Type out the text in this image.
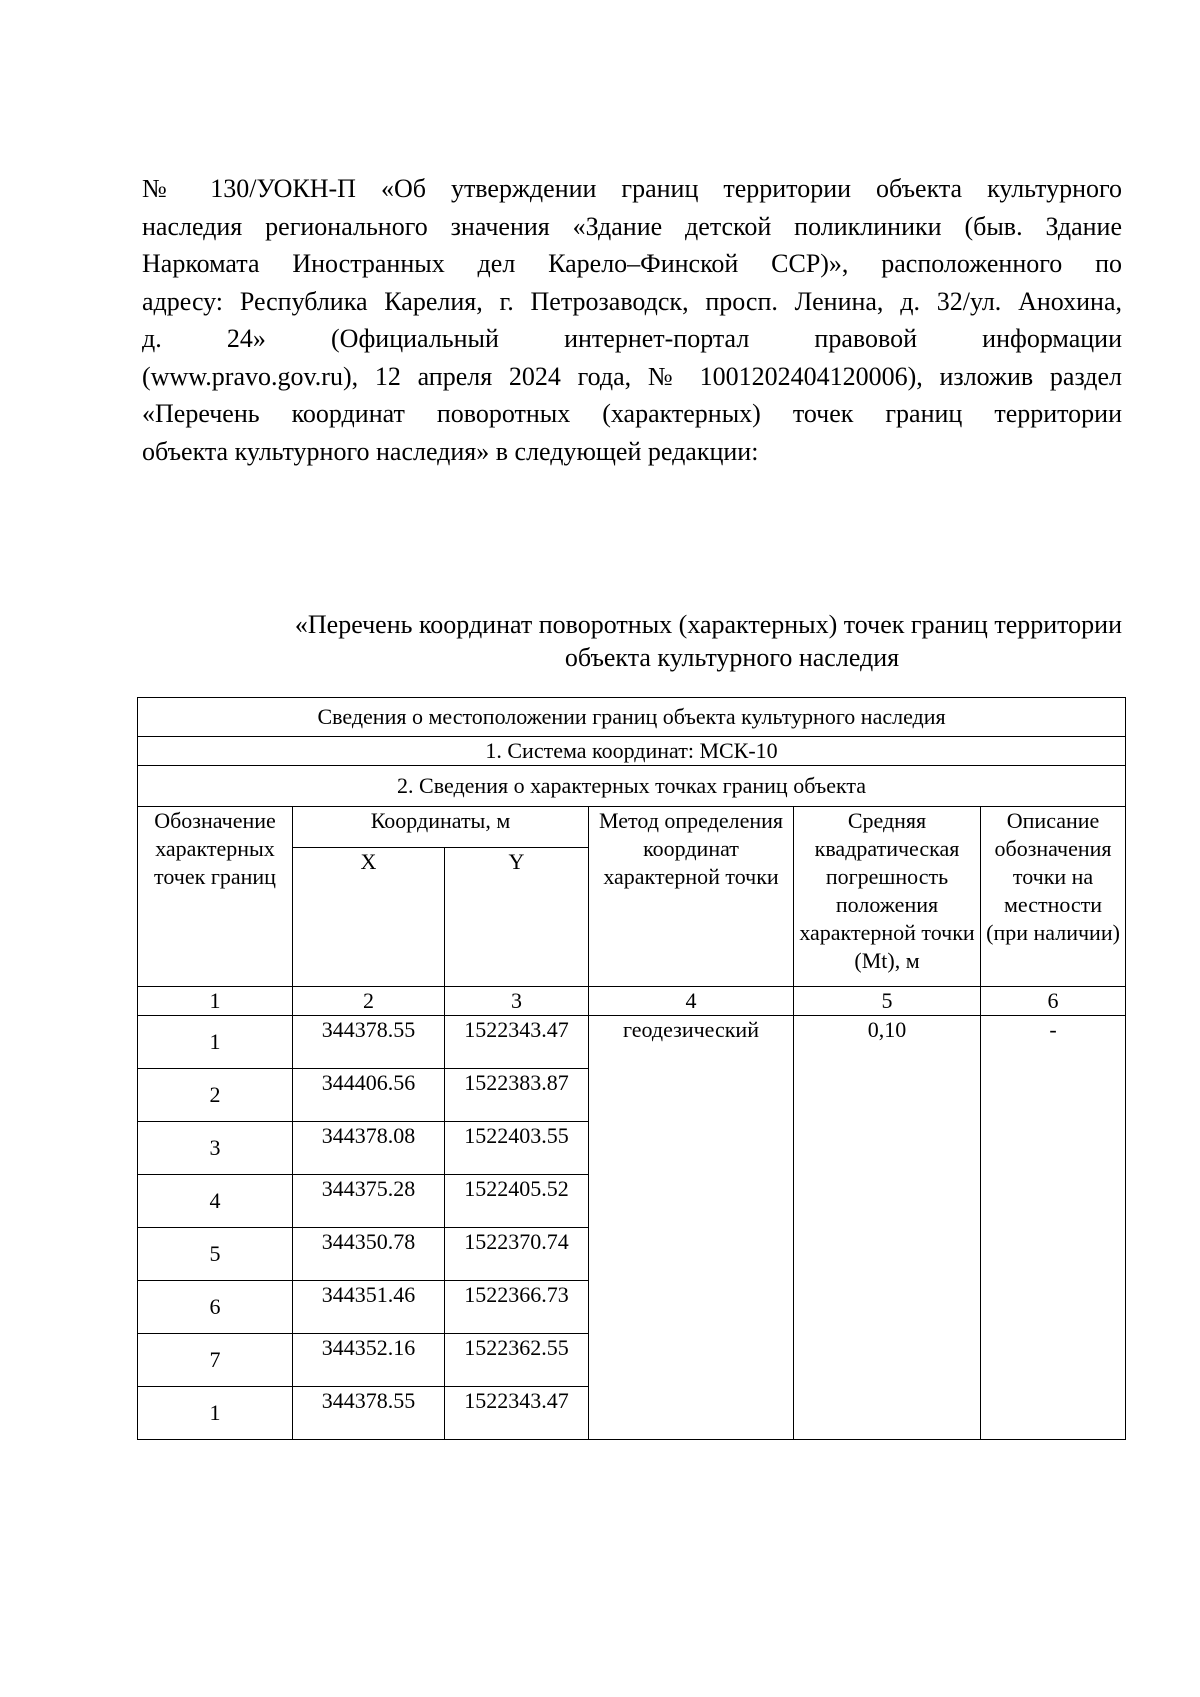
№ 130/УОКН-П «Об утверждении границ территории объекта культурного
наследия регионального значения «Здание детской поликлиники (быв. Здание
Наркомата Иностранных дел Карело–Финской ССР)», расположенного по
адресу: Республика Карелия, г. Петрозаводск, просп. Ленина, д. 32/ул. Анохина,
д. 24» (Официальный интернет-портал правовой информации
(www.pravo.gov.ru), 12 апреля 2024 года, № 1001202404120006), изложив раздел
«Перечень координат поворотных (характерных) точек границ территории
объекта культурного наследия» в следующей редакции:

«Перечень координат поворотных (характерных) точек границ территории
объекта культурного наследия
Сведения о местоположении границ объекта культурного наследия					
1. Система координат: МСК-10					
2. Сведения о характерных точках границ объекта					
Обозначение характерных точек границ	Координаты, м		Метод определения координат характерной точки	Средняя квадратическая погрешность положения характерной точки (Mt), м	Описание обозначения точки на местности (при наличии)
	X	Y			
1	2	3	4	5	6
1	344378.55	1522343.47	геодезический	0,10	-
2	344406.56	1522383.87			
3	344378.08	1522403.55			
4	344375.28	1522405.52			
5	344350.78	1522370.74			
6	344351.46	1522366.73			
7	344352.16	1522362.55			
1	344378.55	1522343.47			
